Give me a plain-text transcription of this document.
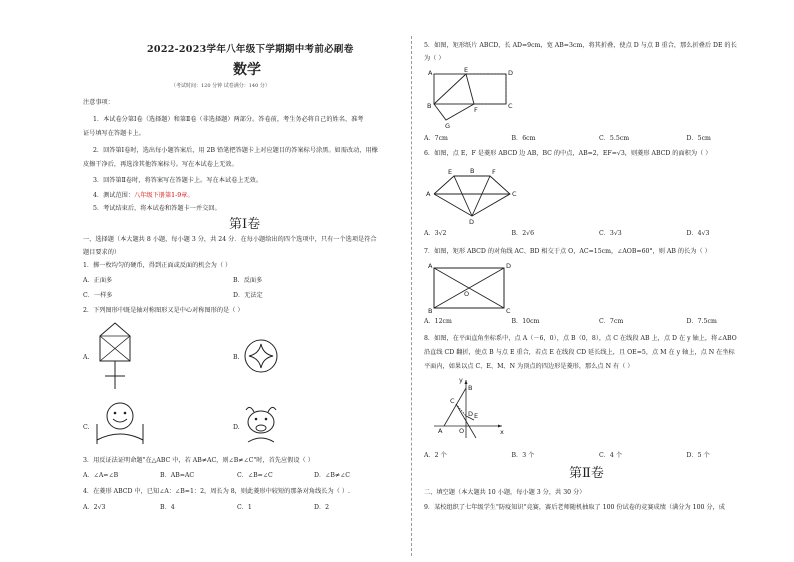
2022-2023学年八年级下学期期中考前必刷卷
数学
（考试时间：120 分钟 试卷满分：140 分）
注意事项：
1．本试卷分第Ⅰ卷（选择题）和第Ⅱ卷（非选择题）两部分。答卷前，考生务必将自己的姓名、准考
证号填写在答题卡上。
2．回答第Ⅰ卷时，选出每小题答案后，用 2B 铅笔把答题卡上对应题目的答案标号涂黑。如需改动，用橡
皮擦干净后，再选涂其他答案标号。写在本试卷上无效。
3．回答第Ⅱ卷时，将答案写在答题卡上。写在本试卷上无效。
4．测试范围：八年级下册第1-9章。
5．考试结束后，将本试卷和答题卡一并交回。
第Ⅰ卷
一、选择题（本大题共 8 小题，每小题 3 分，共 24 分．在每小题给出的四个选项中，只有一个选项是符合
题目要求的）
1．掷一枚均匀的硬币，得到正面或反面的机会为（ ）
A．正面多	B．反面多
C．一样多	D．无法定
2．下列图形中既是轴对称图形又是中心对称图形的是（ ）
A.	B.
C.	D.
3．用反证法证明命题"在△ABC 中，若 AB≠AC，则∠B≠∠C"时，首先应假设（ ）
A．∠A=∠B	B．AB=AC	C．∠B=∠C	D．∠B≠∠C
4．在菱形 ABCD 中，已知∠A：∠B=1：2，周长为 8，则此菱形中较短的那条对角线长为（ ）.
A．2√3	B．4	C．1	D．2
5．如图，矩形纸片 ABCD，长 AD=9cm，宽 AB=3cm，将其折叠，使点 D 与点 B 重合，那么折叠后 DE 的长
为（ ）
A	E	D
B	C
F
G
A．7cm	B．6cm	C．5.5cm	D．5cm
6．如图，点 E，F 是菱形 ABCD 边 AB，BC 的中点，AB=2，EF=√3，则菱形 ABCD 的面积为（ ）
B
E	F
A	C
D
A．3√2	B．2√6	C．3√3	D．4√3
7．如图，矩形 ABCD 的对角线 AC、BD 相交于点 O，AC=15cm，∠AOB=60°，则 AB 的长为（ ）
A	D
O
B	C
A．12cm	B．10cm	C．7cm	D．7.5cm
8．如图，在平面直角坐标系中，点 A（－6，0），点 B（0，8），点 C 在线段 AB 上，点 D 在 y 轴上，将∠ABO
沿直线 CD 翻折，使点 B 与点 E 重合，若点 E 在线段 CD 延长线上，且 OE=5，点 M 在 y 轴上，点 N 在坐标
平面内，如果以点 C、E、M、N 为顶点的四边形是菱形，那么点 N 有（ ）
y
B
C
D E
A	O	x
A．2 个	B．3 个	C．4 个	D．5 个
第Ⅱ卷
二、填空题（本大题共 10 小题，每小题 3 分，共 30 分）
9．某校组织了七年级学生"防疫知识"竞赛，赛后老师随机抽取了 100 份试卷的竞赛成绩（满分为 100 分，成
